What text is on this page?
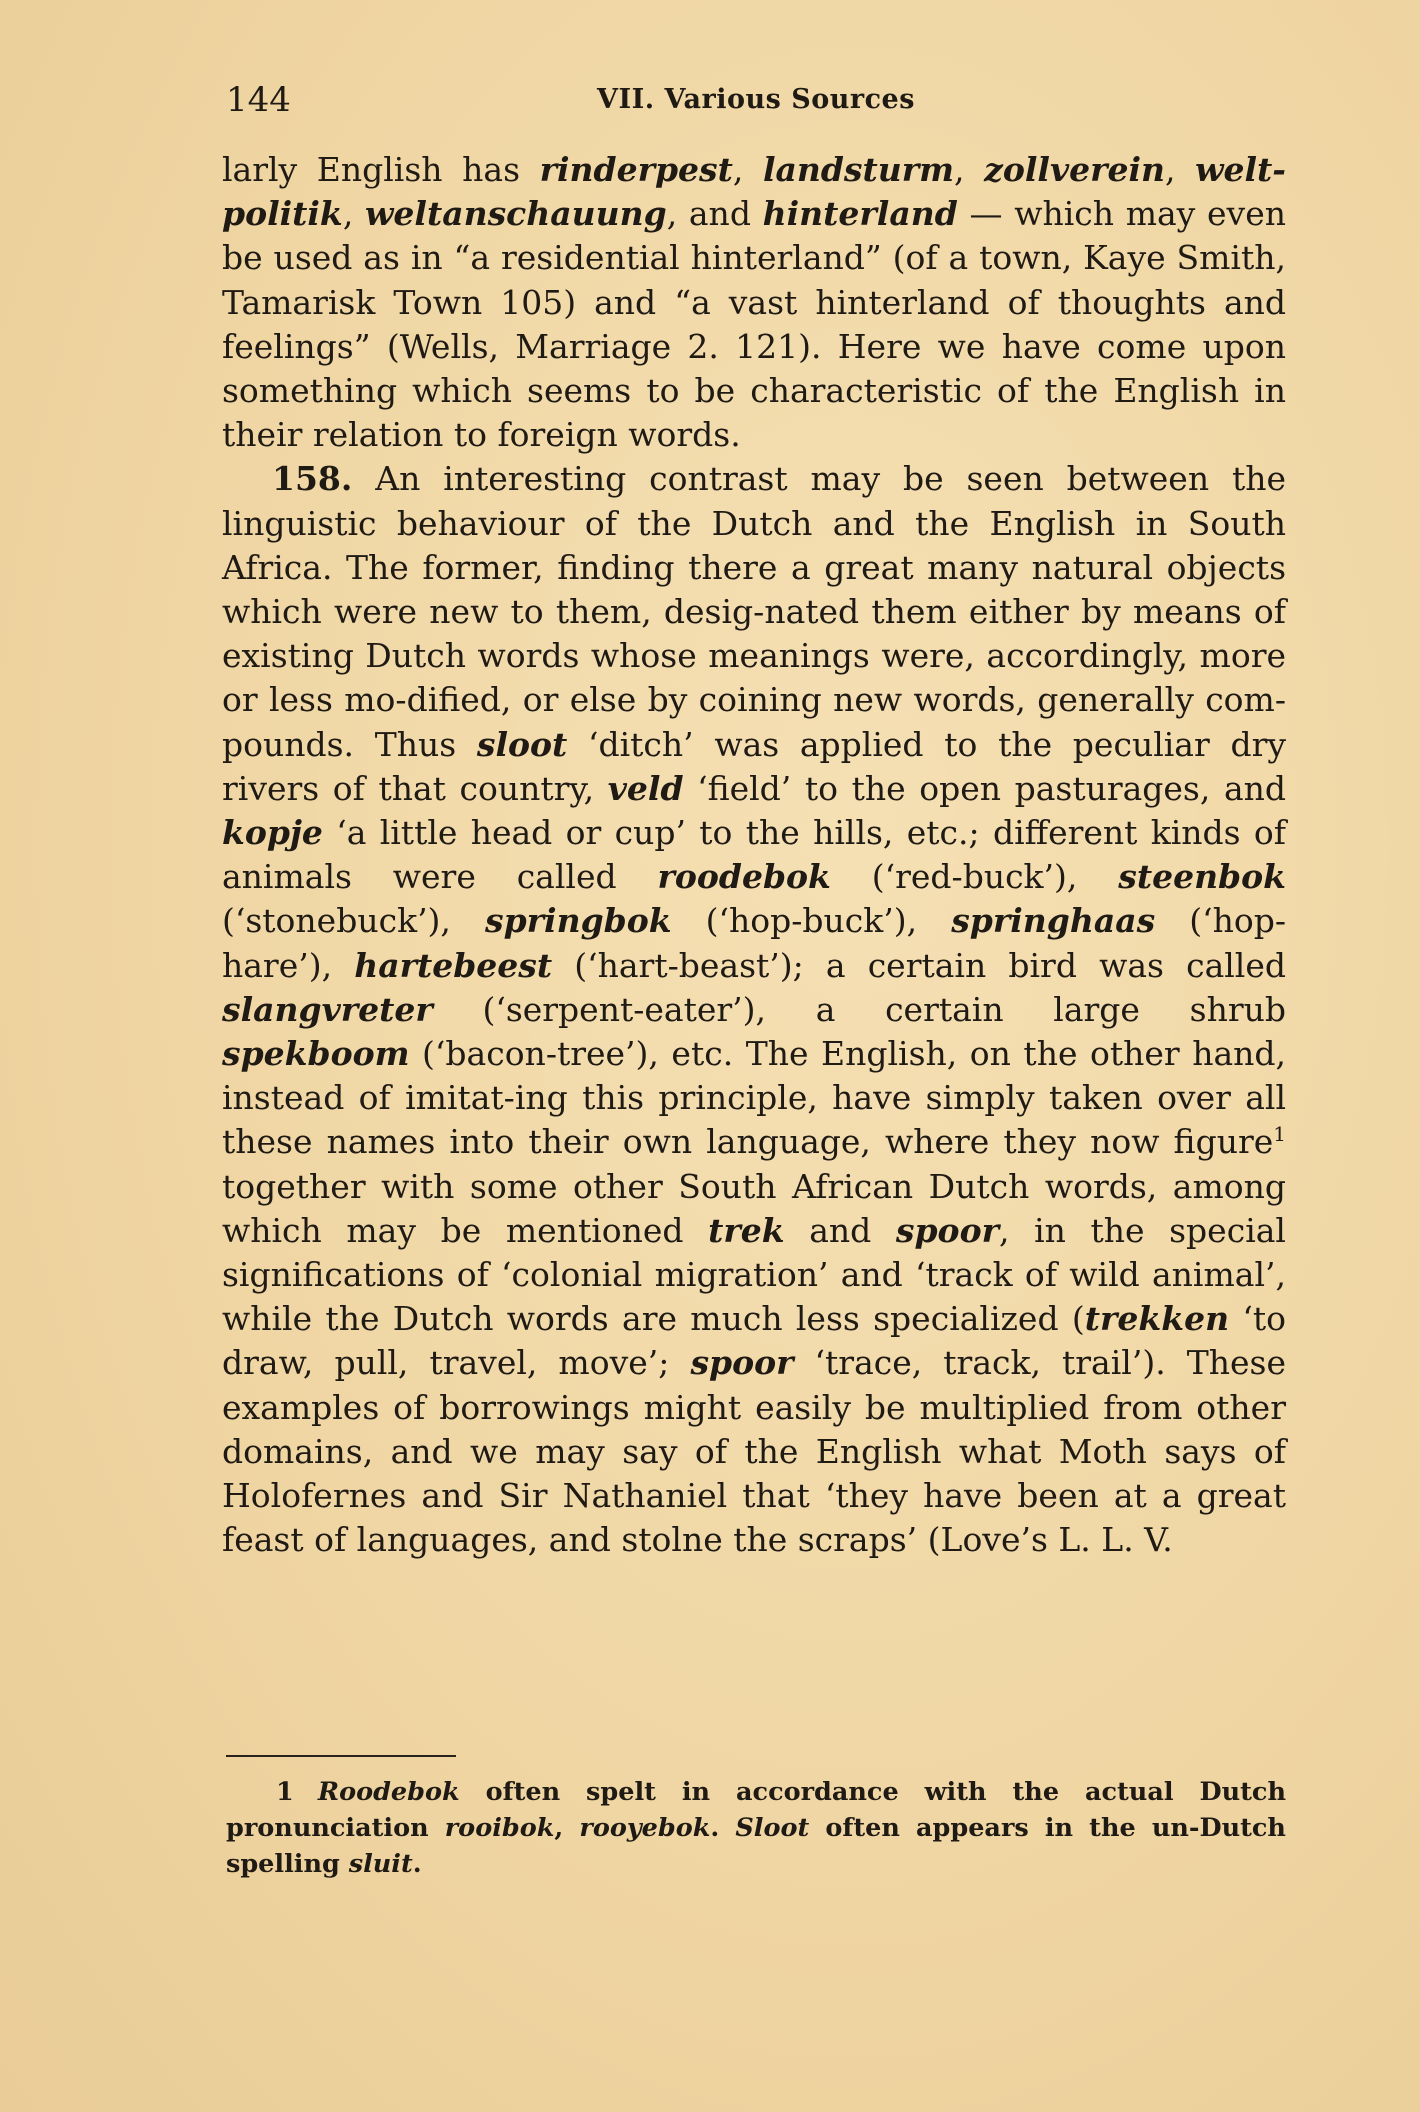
144	VII. Various Sources

larly English has rinderpest, landsturm, zollverein, welt-politik, weltanschauung, and hinterland — which may even be used as in “a residential hinterland” (of a town, Kaye Smith, Tamarisk Town 105) and “a vast hinterland of thoughts and feelings” (Wells, Marriage 2. 121). Here we have come upon something which seems to be characteristic of the English in their relation to foreign words.

158. An interesting contrast may be seen between the linguistic behaviour of the Dutch and the English in South Africa. The former, finding there a great many natural objects which were new to them, desig-nated them either by means of existing Dutch words whose meanings were, accordingly, more or less mo-dified, or else by coining new words, generally com-pounds. Thus sloot ‘ditch’ was applied to the peculiar dry rivers of that country, veld ‘field’ to the open pasturages, and kopje ‘a little head or cup’ to the hills, etc.; different kinds of animals were called roodebok (‘red-buck’), steenbok (‘stonebuck’), springbok (‘hop-buck’), springhaas (‘hop-hare’), hartebeest (‘hart-beast’); a certain bird was called slangvreter (‘serpent-eater’), a certain large shrub spekboom (‘bacon-tree’), etc. The English, on the other hand, instead of imitat-ing this principle, have simply taken over all these names into their own language, where they now figure$^1$ together with some other South African Dutch words, among which may be mentioned trek and spoor, in the special significations of ‘colonial migration’ and ‘track of wild animal’, while the Dutch words are much less specialized (trekken ‘to draw, pull, travel, move’; spoor ‘trace, track, trail’). These examples of borrowings might easily be multiplied from other domains, and we may say of the English what Moth says of Holofernes and Sir Nathaniel that ‘they have been at a great feast of languages, and stolne the scraps’ (Love’s L. L. V.

1 Roodebok often spelt in accordance with the actual Dutch pronunciation rooibok, rooyebok. Sloot often appears in the un-Dutch spelling sluit.
